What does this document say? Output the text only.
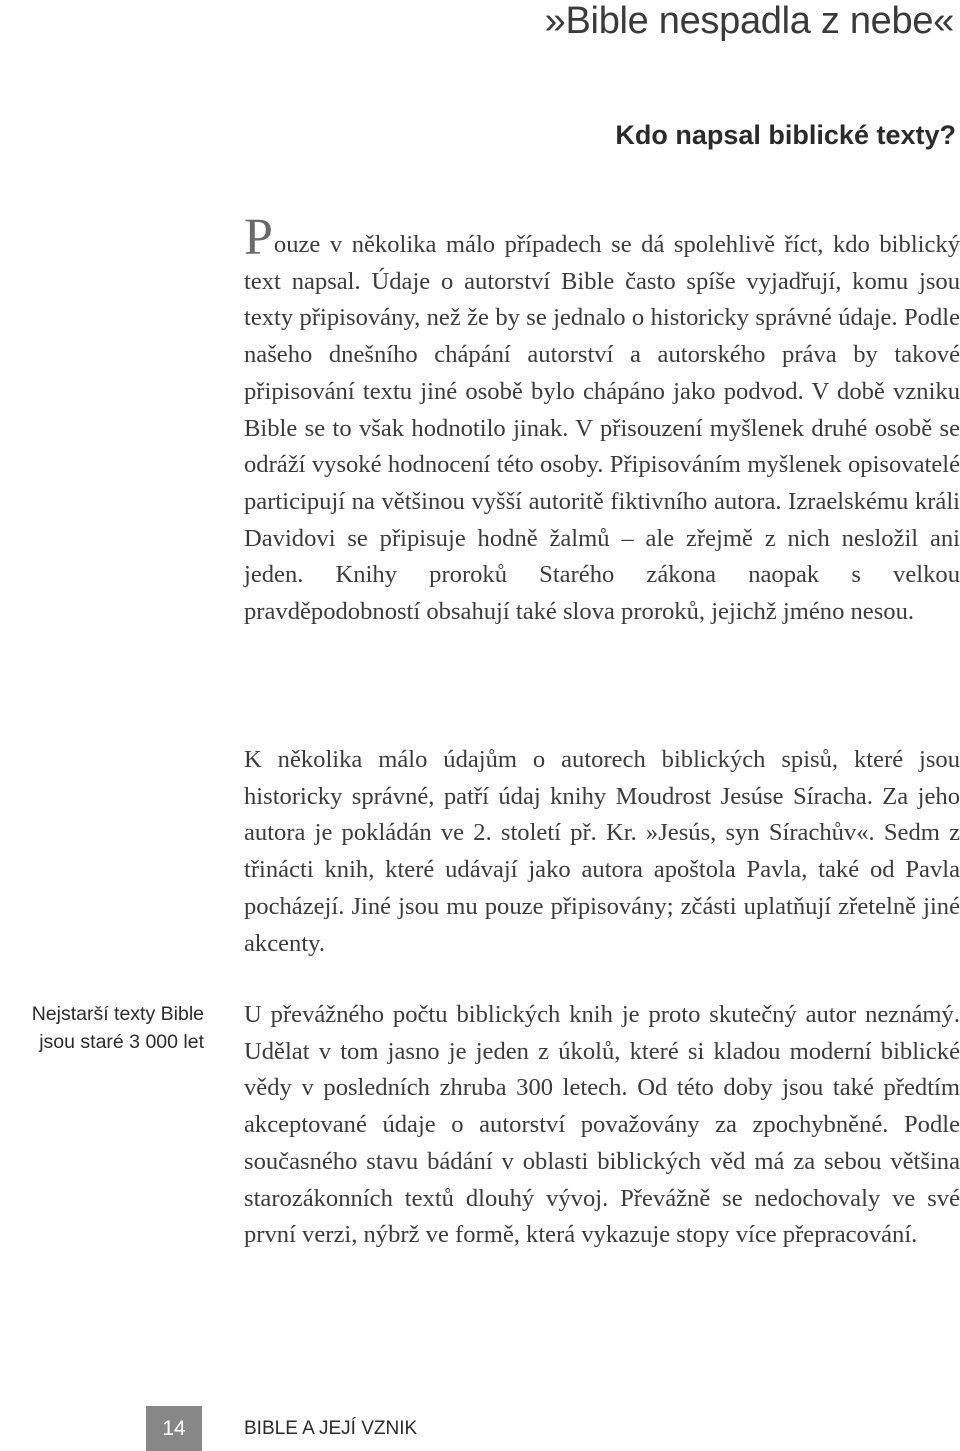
»Bible nespadla z nebe«
Kdo napsal biblické texty?

Pouze v několika málo případech se dá spolehlivě říct, kdo biblický text napsal. Údaje o autorství Bible často spíše vyjadřují, komu jsou texty připisovány, než že by se jednalo o historicky správné údaje. Podle našeho dnešního chápání autorství a autorského práva by takové připisování textu jiné osobě bylo chápáno jako podvod. V době vzniku Bible se to však hodnotilo jinak. V přisouzení myšlenek druhé osobě se odráží vysoké hodnocení této osoby. Připisováním myšlenek opisovatelé participují na většinou vyšší autoritě fiktivního autora. Izraelskému králi Davidovi se připisuje hodně žalmů – ale zřejmě z nich nesložil ani jeden. Knihy proroků Starého zákona naopak s velkou pravděpodobností obsahují také slova proroků, jejichž jméno nesou.

K několika málo údajům o autorech biblických spisů, které jsou historicky správné, patří údaj knihy Moudrost Jesúse Síracha. Za jeho autora je pokládán ve 2. století př. Kr. »Jesús, syn Sírachův«. Sedm z třinácti knih, které udávají jako autora apoštola Pavla, také od Pavla pocházejí. Jiné jsou mu pouze připisovány; zčásti uplatňují zřetelně jiné akcenty.

Nejstarší texty Bible
jsou staré 3 000 let

U převážného počtu biblických knih je proto skutečný autor neznámý. Udělat v tom jasno je jeden z úkolů, které si kladou moderní biblické vědy v posledních zhruba 300 letech. Od této doby jsou také předtím akceptované údaje o autorství považovány za zpochybněné. Podle současného stavu bádání v oblasti biblických věd má za sebou většina starozákonních textů dlouhý vývoj. Převážně se nedochovaly ve své první verzi, nýbrž ve formě, která vykazuje stopy více přepracování.

14	BIBLE A JEJÍ VZNIK
